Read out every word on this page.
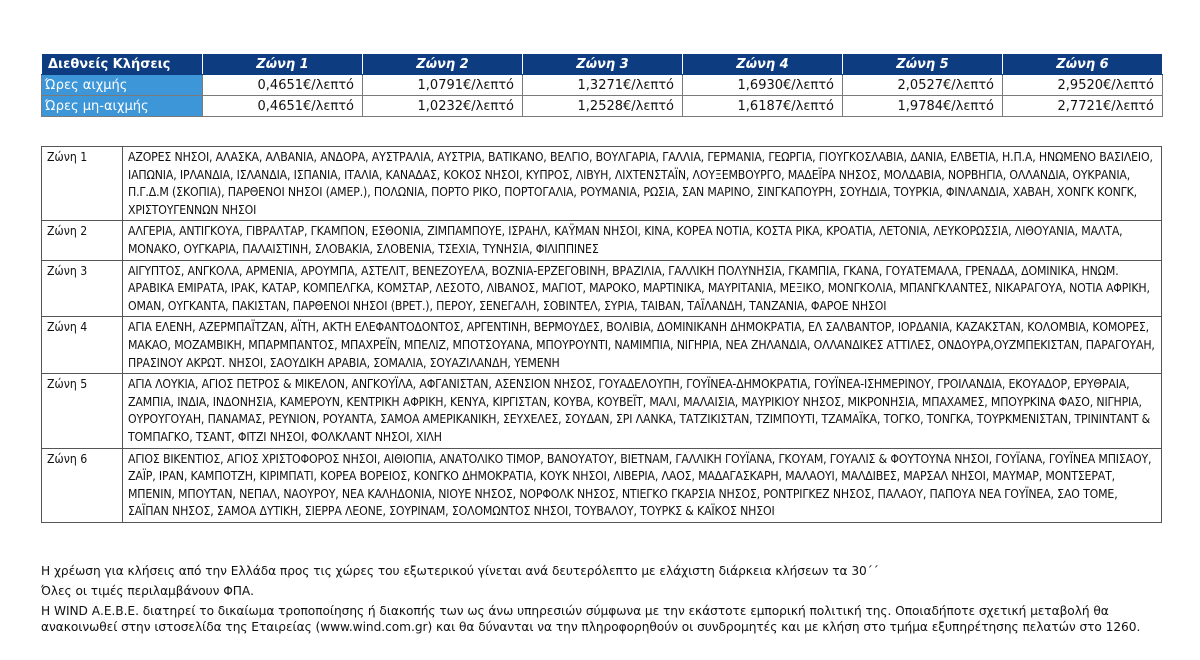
Διεθνείς Κλήσεις	Ζώνη 1	Ζώνη 2	Ζώνη 3	Ζώνη 4	Ζώνη 5	Ζώνη 6
Ώρες αιχμής	0,4651€/λεπτό	1,0791€/λεπτό	1,3271€/λεπτό	1,6930€/λεπτό	2,0527€/λεπτό	2,9520€/λεπτό
Ώρες μη-αιχμής	0,4651€/λεπτό	1,0232€/λεπτό	1,2528€/λεπτό	1,6187€/λεπτό	1,9784€/λεπτό	2,7721€/λεπτό
Ζώνη 1	ΑΖΟΡΕΣ ΝΗΣΟΙ, ΑΛΑΣΚΑ, ΑΛΒΑΝΙΑ, ΑΝΔΟΡΑ, ΑΥΣΤΡΑΛΙΑ, ΑΥΣΤΡΙΑ, ΒΑΤΙΚΑΝΟ, ΒΕΛΓΙΟ, ΒΟΥΛΓΑΡΙΑ, ΓΑΛΛΙΑ, ΓΕΡΜΑΝΙΑ, ΓΕΩΡΓΙΑ, ΓΙΟΥΓΚΟΣΛΑΒΙΑ, ΔΑΝΙΑ, ΕΛΒΕΤΙΑ, Η.Π.Α, ΗΝΩΜΕΝΟ ΒΑΣΙΛΕΙΟ, ΙΑΠΩΝΙΑ, ΙΡΛΑΝΔΙΑ, ΙΣΛΑΝΔΙΑ, ΙΣΠΑΝΙΑ, ΙΤΑΛΙΑ, ΚΑΝΑΔΑΣ, ΚΟΚΟΣ ΝΗΣΟΙ, ΚΥΠΡΟΣ, ΛΙΒΥΗ, ΛΙΧΤΕΝΣΤΑΪΝ, ΛΟΥΞΕΜΒΟΥΡΓΟ, ΜΑΔΕΪΡΑ ΝΗΣΟΣ, ΜΟΛΔΑΒΙΑ, ΝΟΡΒΗΓΙΑ, ΟΛΛΑΝΔΙΑ, ΟΥΚΡΑΝΙΑ, Π.Γ.Δ.Μ (ΣΚΟΠΙΑ), ΠΑΡΘΕΝΟΙ ΝΗΣΟΙ (ΑΜΕΡ.), ΠΟΛΩΝΙΑ, ΠΟΡΤΟ ΡΙΚΟ, ΠΟΡΤΟΓΑΛΙΑ, ΡΟΥΜΑΝΙΑ, ΡΩΣΙΑ, ΣΑΝ ΜΑΡΙΝΟ, ΣΙΝΓΚΑΠΟΥΡΗ, ΣΟΥΗΔΙΑ, ΤΟΥΡΚΙΑ, ΦΙΝΛΑΝΔΙΑ, ΧΑΒΑΗ, ΧΟΝΓΚ ΚΟΝΓΚ, ΧΡΙΣΤΟΥΓΕΝΝΩΝ ΝΗΣΟΙ
Ζώνη 2	ΑΛΓΕΡΙΑ, ΑΝΤΙΓΚΟΥΑ, ΓΙΒΡΑΛΤΑΡ, ΓΚΑΜΠΟΝ, ΕΣΘΟΝΙΑ, ΖΙΜΠΑΜΠΟΥΕ, ΙΣΡΑΗΛ, ΚΑΫΜΑΝ ΝΗΣΟΙ, ΚΙΝΑ, ΚΟΡΕΑ ΝΟΤΙΑ, ΚΟΣΤΑ ΡΙΚΑ, ΚΡΟΑΤΙΑ, ΛΕΤΟΝΙΑ, ΛΕΥΚΟΡΩΣΣΙΑ, ΛΙΘΟΥΑΝΙΑ, ΜΑΛΤΑ, ΜΟΝΑΚΟ, ΟΥΓΚΑΡΙΑ, ΠΑΛΑΙΣΤΙΝΗ, ΣΛΟΒΑΚΙΑ, ΣΛΟΒΕΝΙΑ, ΤΣΕΧΙΑ, ΤΥΝΗΣΙΑ, ΦΙΛΙΠΠΙΝΕΣ
Ζώνη 3	ΑΙΓΥΠΤΟΣ, ΑΝΓΚΟΛΑ, ΑΡΜΕΝΙΑ, ΑΡΟΥΜΠΑ, ΑΣΤΕΛΙΤ, ΒΕΝΕΖΟΥΕΛΑ, ΒΟΖΝΙΑ-ΕΡΖΕΓΟΒΙΝΗ, ΒΡΑΖΙΛΙΑ, ΓΑΛΛΙΚΗ ΠΟΛΥΝΗΣΙΑ, ΓΚΑΜΠΙΑ, ΓΚΑΝΑ, ΓΟΥΑΤΕΜΑΛΑ, ΓΡΕΝΑΔΑ, ΔΟΜΙΝΙΚΑ, ΗΝΩΜ. ΑΡΑΒΙΚΑ ΕΜΙΡΑΤΑ, ΙΡΑΚ, ΚΑΤΑΡ, ΚΟΜΠΕΛΓΚΑ, ΚΟΜΣΤΑΡ, ΛΕΣΟΤΟ, ΛΙΒΑΝΟΣ, ΜΑΓΙΟΤ, ΜΑΡΟΚΟ, ΜΑΡΤΙΝΙΚΑ, ΜΑΥΡΙΤΑΝΙΑ, ΜΕΞΙΚΟ, ΜΟΝΓΚΟΛΙΑ, ΜΠΑΝΓΚΛΑΝΤΕΣ, ΝΙΚΑΡΑΓΟΥΑ, ΝΟΤΙΑ ΑΦΡΙΚΗ, ΟΜΑΝ, ΟΥΓΚΑΝΤΑ, ΠΑΚΙΣΤΑΝ, ΠΑΡΘΕΝΟΙ ΝΗΣΟΙ (ΒΡΕΤ.), ΠΕΡΟΥ, ΣΕΝΕΓΑΛΗ, ΣΟΒΙΝΤΕΛ, ΣΥΡΙΑ, ΤΑΙΒΑΝ, ΤΑΪΛΑΝΔΗ, ΤΑΝΖΑΝΙΑ, ΦΑΡΟΕ ΝΗΣΟΙ
Ζώνη 4	ΑΓΙΑ ΕΛΕΝΗ, ΑΖΕΡΜΠΑΪΤΖΑΝ, ΑΪΤΗ, ΑΚΤΗ ΕΛΕΦΑΝΤΟΔΟΝΤΟΣ, ΑΡΓΕΝΤΙΝΗ, ΒΕΡΜΟΥΔΕΣ, ΒΟΛΙΒΙΑ, ΔΟΜΙΝΙΚΑΝΗ ΔΗΜΟΚΡΑΤΙΑ, ΕΛ ΣΑΛΒΑΝΤΟΡ, ΙΟΡΔΑΝΙΑ, ΚΑΖΑΚΣΤΑΝ, ΚΟΛΟΜΒΙΑ, ΚΟΜΟΡΕΣ, ΜΑΚΑΟ, ΜΟΖΑΜΒΙΚΗ, ΜΠΑΡΜΠΑΝΤΟΣ, ΜΠΑΧΡΕΪΝ, ΜΠΕΛΙΖ, ΜΠΟΤΣΟΥΑΝΑ, ΜΠΟΥΡΟΥΝΤΙ, ΝΑΜΙΜΠΙΑ, ΝΙΓΗΡΙΑ, ΝΕΑ ΖΗΛΑΝΔΙΑ, ΟΛΛΑΝΔΙΚΕΣ ΑΤΤΙΛΕΣ, ΟΝΔΟΥΡΑ,ΟΥΖΜΠΕΚΙΣΤΑΝ, ΠΑΡΑΓΟΥΑΗ, ΠΡΑΣΙΝΟΥ ΑΚΡΩΤ. ΝΗΣΟΙ, ΣΑΟΥΔΙΚΗ ΑΡΑΒΙΑ, ΣΟΜΑΛΙΑ, ΣΟΥΑΖΙΛΑΝΔΗ, ΥΕΜΕΝΗ
Ζώνη 5	ΑΓΙΑ ΛΟΥΚΙΑ, ΑΓΙΟΣ ΠΕΤΡΟΣ & ΜΙΚΕΛΟΝ, ΑΝΓΚΟΥΪΛΑ, ΑΦΓΑΝΙΣΤΑΝ, ΑΣΕΝΣΙΟΝ ΝΗΣΟΣ, ΓΟΥΑΔΕΛΟΥΠΗ, ΓΟΥΪΝΕΑ-ΔΗΜΟΚΡΑΤΙΑ, ΓΟΥΪΝΕΑ-ΙΣΗΜΕΡΙΝΟΥ, ΓΡΟΙΛΑΝΔΙΑ, ΕΚΟΥΑΔΟΡ, ΕΡΥΘΡΑΙΑ, ΖΑΜΠΙΑ, ΙΝΔΙΑ, ΙΝΔΟΝΗΣΙΑ, ΚΑΜΕΡΟΥΝ, ΚΕΝΤΡΙΚΗ ΑΦΡΙΚΗ, ΚΕΝΥΑ, ΚΙΡΓΙΣΤΑΝ, ΚΟΥΒΑ, ΚΟΥΒΕΪΤ, ΜΑΛΙ, ΜΑΛΑΙΣΙΑ, ΜΑΥΡΙΚΙΟΥ ΝΗΣΟΣ, ΜΙΚΡΟΝΗΣΙΑ, ΜΠΑΧΑΜΕΣ, ΜΠΟΥΡΚΙΝΑ ΦΑΣΟ, ΝΙΓΗΡΙΑ, ΟΥΡΟΥΓΟΥΑΗ, ΠΑΝΑΜΑΣ, ΡΕΥΝΙΟΝ, ΡΟΥΑΝΤΑ, ΣΑΜΟΑ ΑΜΕΡΙΚΑΝΙΚΗ, ΣΕΥΧΕΛΕΣ, ΣΟΥΔΑΝ, ΣΡΙ ΛΑΝΚΑ, ΤΑΤΖΙΚΙΣΤΑΝ, ΤΖΙΜΠΟΥΤΙ, ΤΖΑΜΑΪΚΑ, ΤΟΓΚΟ, ΤΟΝΓΚΑ, ΤΟΥΡΚΜΕΝΙΣΤΑΝ, ΤΡΙΝΙΝΤΑΝΤ & ΤΟΜΠΑΓΚΟ, ΤΣΑΝΤ, ΦΙΤΖΙ ΝΗΣΟΙ, ΦΟΛΚΛΑΝΤ ΝΗΣΟΙ, ΧΙΛΗ
Ζώνη 6	ΑΓΙΟΣ ΒΙΚΕΝΤΙΟΣ, ΑΓΙΟΣ ΧΡΙΣΤΟΦΟΡΟΣ ΝΗΣΟΙ, ΑΙΘΙΟΠΙΑ, ΑΝΑΤΟΛΙΚΟ ΤΙΜΟΡ, ΒΑΝΟΥΑΤΟΥ, ΒΙΕΤΝΑΜ, ΓΑΛΛΙΚΗ ΓΟΥΪΑΝΑ, ΓΚΟΥΑΜ, ΓΟΥΑΛΙΣ & ΦΟΥΤΟΥΝΑ ΝΗΣΟΙ, ΓΟΥΪΑΝΑ, ΓΟΥΪΝΕΑ ΜΠΙΣΑΟΥ, ΖΑΪΡ, ΙΡΑΝ, ΚΑΜΠΟΤΖΗ, ΚΙΡΙΜΠΑΤΙ, ΚΟΡΕΑ ΒΟΡΕΙΟΣ, ΚΟΝΓΚΟ ΔΗΜΟΚΡΑΤΙΑ, ΚΟΥΚ ΝΗΣΟΙ, ΛΙΒΕΡΙΑ, ΛΑΟΣ, ΜΑΔΑΓΑΣΚΑΡΗ, ΜΑΛΑΟΥΙ, ΜΑΛΔΙΒΕΣ, ΜΑΡΣΑΛ ΝΗΣΟΙ, ΜΑΥΜΑΡ, ΜΟΝΤΣΕΡΑΤ, ΜΠΕΝΙΝ, ΜΠΟΥΤΑΝ, ΝΕΠΑΛ, ΝΑΟΥΡΟΥ, ΝΕΑ ΚΑΛΗΔΟΝΙΑ, ΝΙΟΥΕ ΝΗΣΟΣ, ΝΟΡΦΟΛΚ ΝΗΣΟΣ, ΝΤΙΕΓΚΟ ΓΚΑΡΣΙΑ ΝΗΣΟΣ, ΡΟΝΤΡΙΓΚΕΖ ΝΗΣΟΣ, ΠΑΛΑΟΥ, ΠΑΠΟΥΑ ΝΕΑ ΓΟΥΪΝΕΑ, ΣΑΟ ΤΟΜΕ, ΣΑΪΠΑΝ ΝΗΣΟΣ, ΣΑΜΟΑ ΔΥΤΙΚΗ, ΣΙΕΡΡΑ ΛΕΟΝΕ, ΣΟΥΡΙΝΑΜ, ΣΟΛΟΜΩΝΤΟΣ ΝΗΣΟΙ, ΤΟΥΒΑΛΟΥ, ΤΟΥΡΚΣ & ΚΑΪΚΟΣ ΝΗΣΟΙ

Η χρέωση για κλήσεις από την Ελλάδα προς τις χώρες του εξωτερικού γίνεται ανά δευτερόλεπτο με ελάχιστη διάρκεια κλήσεων τα 30΄΄

Όλες οι τιμές περιλαμβάνουν ΦΠΑ.

Η WIND Α.Ε.Β.Ε. διατηρεί το δικαίωμα τροποποίησης ή διακοπής των ως άνω υπηρεσιών σύμφωνα με την εκάστοτε εμπορική πολιτική της. Οποιαδήποτε σχετική μεταβολή θα ανακοινωθεί στην ιστοσελίδα της Εταιρείας (www.wind.com.gr) και θα δύνανται να την πληροφορηθούν οι συνδρομητές και με κλήση στο τμήμα εξυπηρέτησης πελατών στο 1260.
